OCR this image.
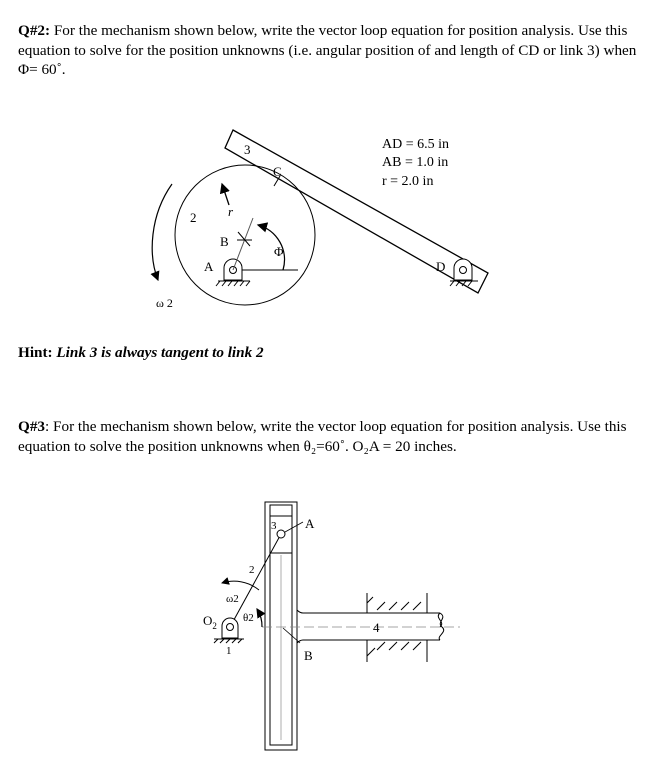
Q#2: For the mechanism shown below, write the vector loop equation for position analysis. Use this equation to solve for the position unknowns (i.e. angular position of and length of CD or link 3) when Φ= 60˚.

Hint: Link 3 is always tangent to link 2

Q#3: For the mechanism shown below, write the vector loop equation for position analysis. Use this equation to solve the position unknowns when θ₂=60˚. O₂A = 20 inches.

3
C
2 r
B
A
Φ
D
ω 2
AD = 6.5 in
AB = 1.0 in
r = 2.0 in
3 A
2
ω2
θ2
$O_2$
1
4
B
